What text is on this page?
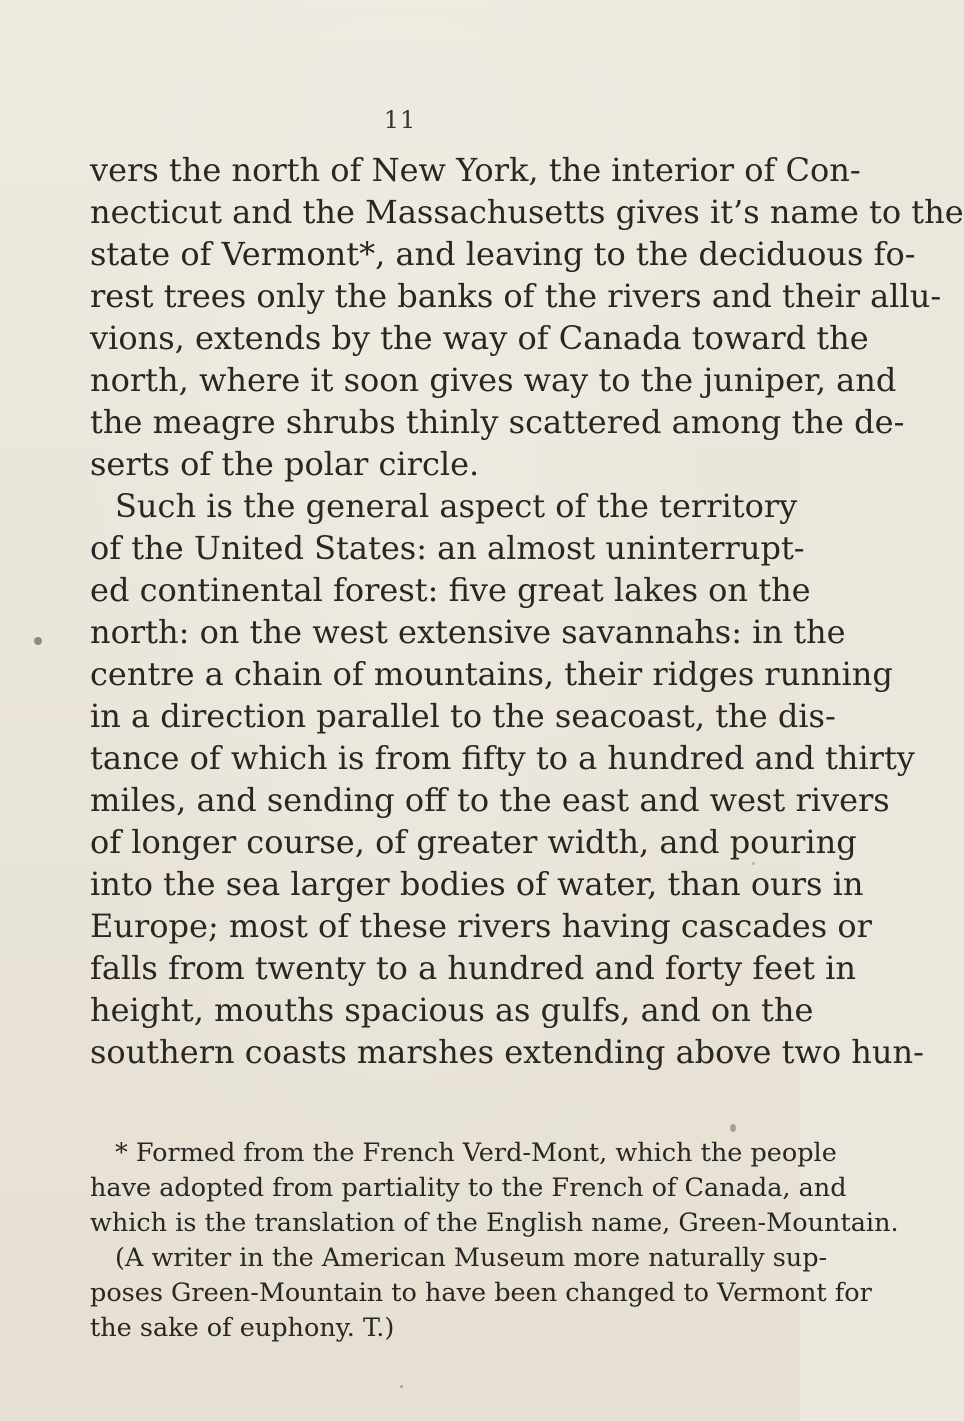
11
vers the north of New York, the interior of Con-
necticut and the Massachusetts gives it’s name to the
state of Vermont*, and leaving to the deciduous fo-
rest trees only the banks of the rivers and their allu-
vions, extends by the way of Canada toward the
north, where it soon gives way to the juniper, and
the meagre shrubs thinly scattered among the de-
serts of the polar circle.
Such is the general aspect of the territory
of the United States: an almost uninterrupt-
ed continental forest: five great lakes on the
north: on the west extensive savannahs: in the
centre a chain of mountains, their ridges running
in a direction parallel to the seacoast, the dis-
tance of which is from fifty to a hundred and thirty
miles, and sending off to the east and west rivers
of longer course, of greater width, and pouring
into the sea larger bodies of water, than ours in
Europe; most of these rivers having cascades or
falls from twenty to a hundred and forty feet in
height, mouths spacious as gulfs, and on the
southern coasts marshes extending above two hun-
* Formed from the French Verd-Mont, which the people
have adopted from partiality to the French of Canada, and
which is the translation of the English name, Green-Mountain.
(A writer in the American Museum more naturally sup-
poses Green-Mountain to have been changed to Vermont for
the sake of euphony. T.)
